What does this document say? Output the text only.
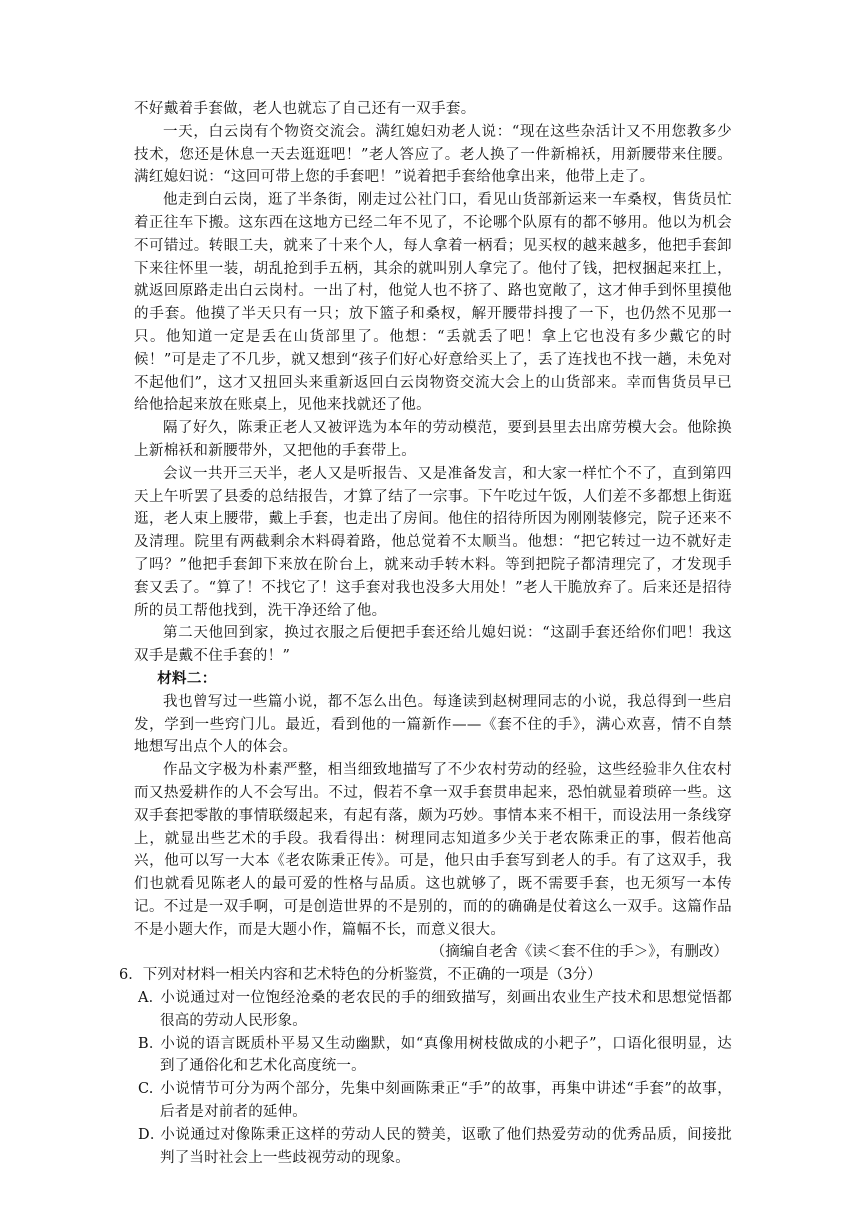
不好戴着手套做，老人也就忘了自己还有一双手套。

一天，白云岗有个物资交流会。满红媳妇劝老人说：“现在这些杂活计又不用您教多少技术，您还是休息一天去逛逛吧！”老人答应了。老人换了一件新棉袄，用新腰带来住腰。满红媳妇说：“这回可带上您的手套吧！”说着把手套给他拿出来，他带上走了。

他走到白云岗，逛了半条街，刚走过公社门口，看见山货部新运来一车桑杈，售货员忙着正往车下搬。这东西在这地方已经二年不见了，不论哪个队原有的都不够用。他以为机会不可错过。转眼工夫，就来了十来个人，每人拿着一柄看；见买杈的越来越多，他把手套卸下来往怀里一装，胡乱抢到手五柄，其余的就叫别人拿完了。他付了钱，把杈捆起来扛上，就返回原路走出白云岗村。一出了村，他觉人也不挤了、路也宽敞了，这才伸手到怀里摸他的手套。他摸了半天只有一只；放下篮子和桑杈，解开腰带抖搜了一下，也仍然不见那一只。他知道一定是丢在山货部里了。他想：“丢就丢了吧！拿上它也没有多少戴它的时候！”可是走了不几步，就又想到“孩子们好心好意给买上了，丢了连找也不找一趟，未免对不起他们”，这才又扭回头来重新返回白云岗物资交流大会上的山货部来。幸而售货员早已给他拾起来放在账桌上，见他来找就还了他。

隔了好久，陈秉正老人又被评选为本年的劳动模范，要到县里去出席劳模大会。他除换上新棉袄和新腰带外，又把他的手套带上。

会议一共开三天半，老人又是听报告、又是准备发言，和大家一样忙个不了，直到第四天上午听罢了县委的总结报告，才算了结了一宗事。下午吃过午饭，人们差不多都想上街逛逛，老人束上腰带，戴上手套，也走出了房间。他住的招待所因为刚刚装修完，院子还来不及清理。院里有两截剩余木料碍着路，他总觉着不太顺当。他想：“把它转过一边不就好走了吗？”他把手套卸下来放在阶台上，就来动手转木料。等到把院子都清理完了，才发现手套又丢了。“算了！不找它了！这手套对我也没多大用处！”老人干脆放弃了。后来还是招待所的员工帮他找到，洗干净还给了他。

第二天他回到家，换过衣服之后便把手套还给儿媳妇说：“这副手套还给你们吧！我这双手是戴不住手套的！”

材料二：

我也曾写过一些篇小说，都不怎么出色。每逢读到赵树理同志的小说，我总得到一些启发，学到一些窍门儿。最近，看到他的一篇新作——《套不住的手》，满心欢喜，情不自禁地想写出点个人的体会。

作品文字极为朴素严整，相当细致地描写了不少农村劳动的经验，这些经验非久住农村而又热爱耕作的人不会写出。不过，假若不拿一双手套贯串起来，恐怕就显着琐碎一些。这双手套把零散的事情联缀起来，有起有落，颇为巧妙。事情本来不相干，而设法用一条线穿上，就显出些艺术的手段。我看得出：树理同志知道多少关于老农陈秉正的事，假若他高兴，他可以写一大本《老农陈秉正传》。可是，他只由手套写到老人的手。有了这双手，我们也就看见陈老人的最可爱的性格与品质。这也就够了，既不需要手套，也无须写一本传记。不过是一双手啊，可是创造世界的不是别的，而的的确确是仗着这么一双手。这篇作品不是小题大作，而是大题小作，篇幅不长，而意义很大。

（摘编自老舍《读＜套不住的手＞》，有删改）

6．下列对材料一相关内容和艺术特色的分析鉴赏，不正确的一项是（3分）

A．小说通过对一位饱经沧桑的老农民的手的细致描写，刻画出农业生产技术和思想觉悟都很高的劳动人民形象。

B．小说的语言既质朴平易又生动幽默，如“真像用树枝做成的小耙子”，口语化很明显，达到了通俗化和艺术化高度统一。

C. 小说情节可分为两个部分，先集中刻画陈秉正“手”的故事，再集中讲述“手套”的故事，后者是对前者的延伸。

D．小说通过对像陈秉正这样的劳动人民的赞美，讴歌了他们热爱劳动的优秀品质，间接批判了当时社会上一些歧视劳动的现象。
